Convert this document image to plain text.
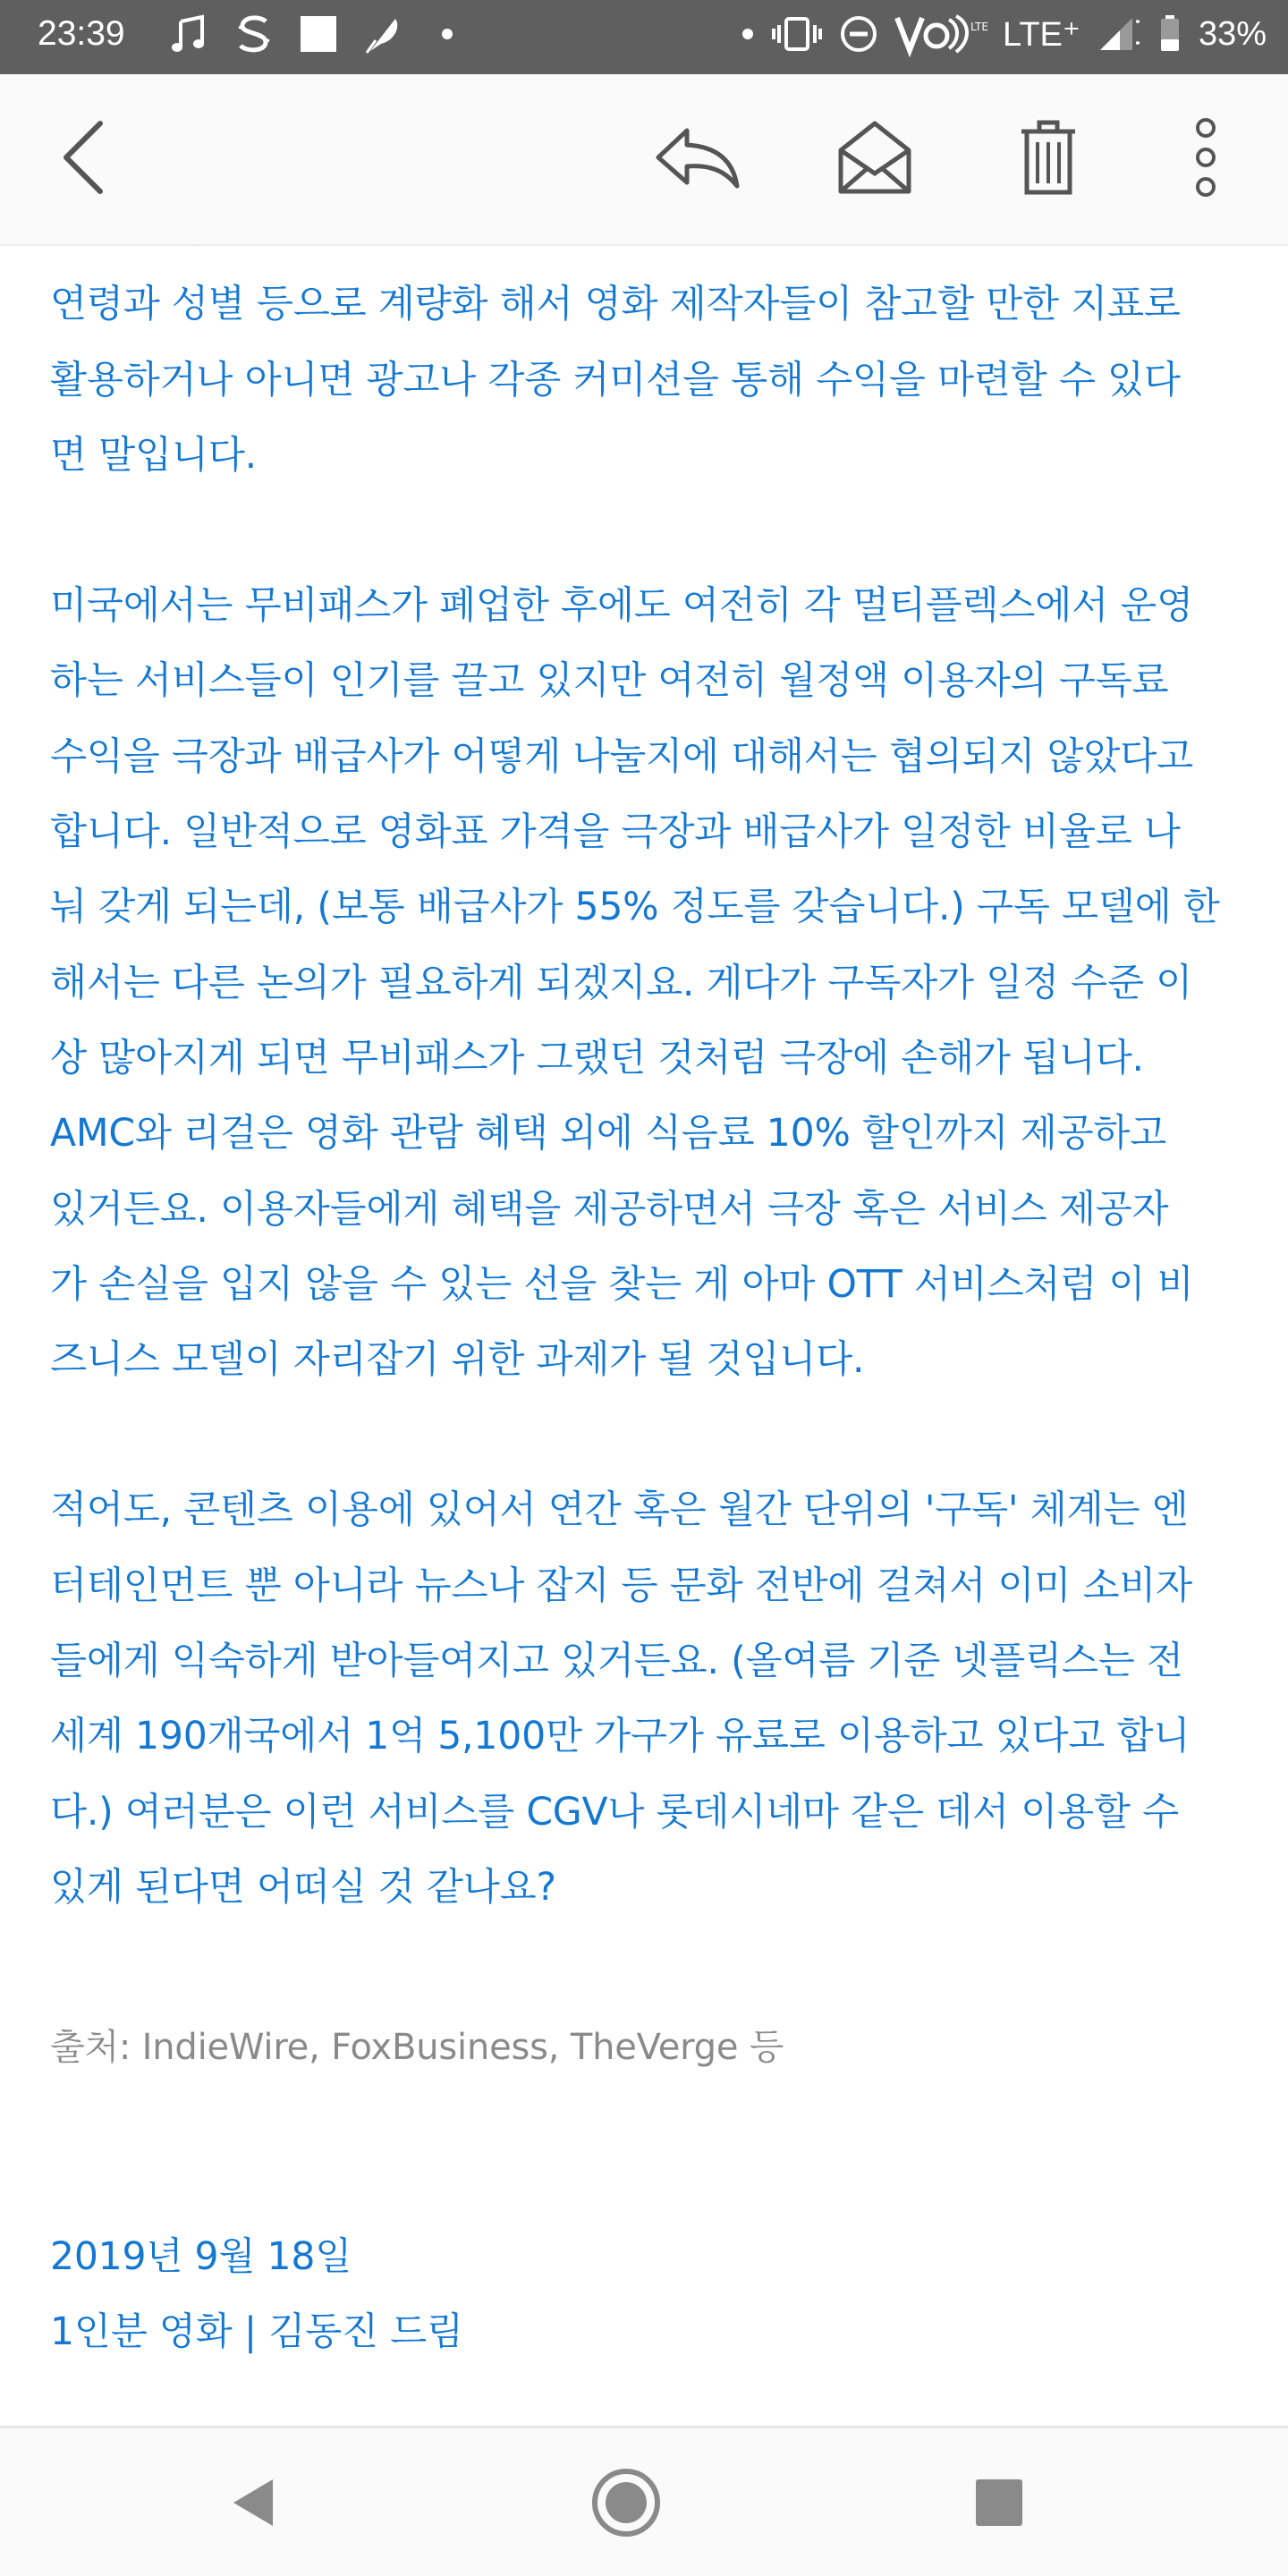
23:39	LTE LTE⁺	33%

연령과 성별 등으로 계량화 해서 영화 제작자들이 참고할 만한 지표로
활용하거나 아니면 광고나 각종 커미션을 통해 수익을 마련할 수 있다
면 말입니다.

미국에서는 무비패스가 폐업한 후에도 여전히 각 멀티플렉스에서 운영
하는 서비스들이 인기를 끌고 있지만 여전히 월정액 이용자의 구독료
수익을 극장과 배급사가 어떻게 나눌지에 대해서는 협의되지 않았다고
합니다. 일반적으로 영화표 가격을 극장과 배급사가 일정한 비율로 나
눠 갖게 되는데, (보통 배급사가 55% 정도를 갖습니다.) 구독 모델에 한
해서는 다른 논의가 필요하게 되겠지요. 게다가 구독자가 일정 수준 이
상 많아지게 되면 무비패스가 그랬던 것처럼 극장에 손해가 됩니다.
AMC와 리걸은 영화 관람 혜택 외에 식음료 10% 할인까지 제공하고
있거든요. 이용자들에게 혜택을 제공하면서 극장 혹은 서비스 제공자
가 손실을 입지 않을 수 있는 선을 찾는 게 아마 OTT 서비스처럼 이 비
즈니스 모델이 자리잡기 위한 과제가 될 것입니다.

적어도, 콘텐츠 이용에 있어서 연간 혹은 월간 단위의 '구독' 체계는 엔
터테인먼트 뿐 아니라 뉴스나 잡지 등 문화 전반에 걸쳐서 이미 소비자
들에게 익숙하게 받아들여지고 있거든요. (올여름 기준 넷플릭스는 전
세계 190개국에서 1억 5,100만 가구가 유료로 이용하고 있다고 합니
다.) 여러분은 이런 서비스를 CGV나 롯데시네마 같은 데서 이용할 수
있게 된다면 어떠실 것 같나요?

출처: IndieWire, FoxBusiness, TheVerge 등

2019년 9월 18일

1인분 영화 | 김동진 드림
